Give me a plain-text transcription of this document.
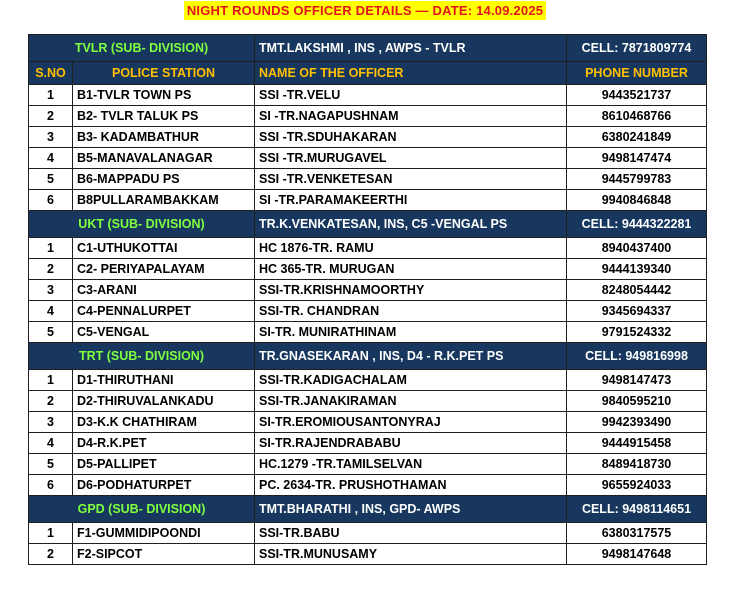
NIGHT ROUNDS OFFICER DETAILS — DATE: 14.09.2025
TVLR (SUB- DIVISION)		TMT.LAKSHMI , INS , AWPS - TVLR	CELL: 7871809774
S.NO	POLICE STATION	NAME OF THE OFFICER	PHONE NUMBER
1	B1-TVLR TOWN PS	SSI -TR.VELU	9443521737
2	B2- TVLR TALUK PS	SI -TR.NAGAPUSHNAM	8610468766
3	B3- KADAMBATHUR	SSI -TR.SDUHAKARAN	6380241849
4	B5-MANAVALANAGAR	SSI -TR.MURUGAVEL	9498147474
5	B6-MAPPADU PS	SSI -TR.VENKETESAN	9445799783
6	B8PULLARAMBAKKAM	SI -TR.PARAMAKEERTHI	9940846848
UKT (SUB- DIVISION)		TR.K.VENKATESAN, INS, C5 -VENGAL PS	CELL: 9444322281
1	C1-UTHUKOTTAI	HC 1876-TR. RAMU	8940437400
2	C2- PERIYAPALAYAM	HC 365-TR. MURUGAN	9444139340
3	C3-ARANI	SSI-TR.KRISHNAMOORTHY	8248054442
4	C4-PENNALURPET	SSI-TR. CHANDRAN	9345694337
5	C5-VENGAL	SI-TR. MUNIRATHINAM	9791524332
TRT (SUB- DIVISION)		TR.GNASEKARAN , INS, D4 - R.K.PET PS	CELL: 949816998
1	D1-THIRUTHANI	SSI-TR.KADIGACHALAM	9498147473
2	D2-THIRUVALANKADU	SSI-TR.JANAKIRAMAN	9840595210
3	D3-K.K CHATHIRAM	SI-TR.EROMIOUSANTONYRAJ	9942393490
4	D4-R.K.PET	SI-TR.RAJENDRABABU	9444915458
5	D5-PALLIPET	HC.1279 -TR.TAMILSELVAN	8489418730
6	D6-PODHATURPET	PC. 2634-TR. PRUSHOTHAMAN	9655924033
GPD (SUB- DIVISION)		TMT.BHARATHI , INS, GPD- AWPS	CELL: 9498114651
1	F1-GUMMIDIPOONDI	SSI-TR.BABU	6380317575
2	F2-SIPCOT	SSI-TR.MUNUSAMY	9498147648
